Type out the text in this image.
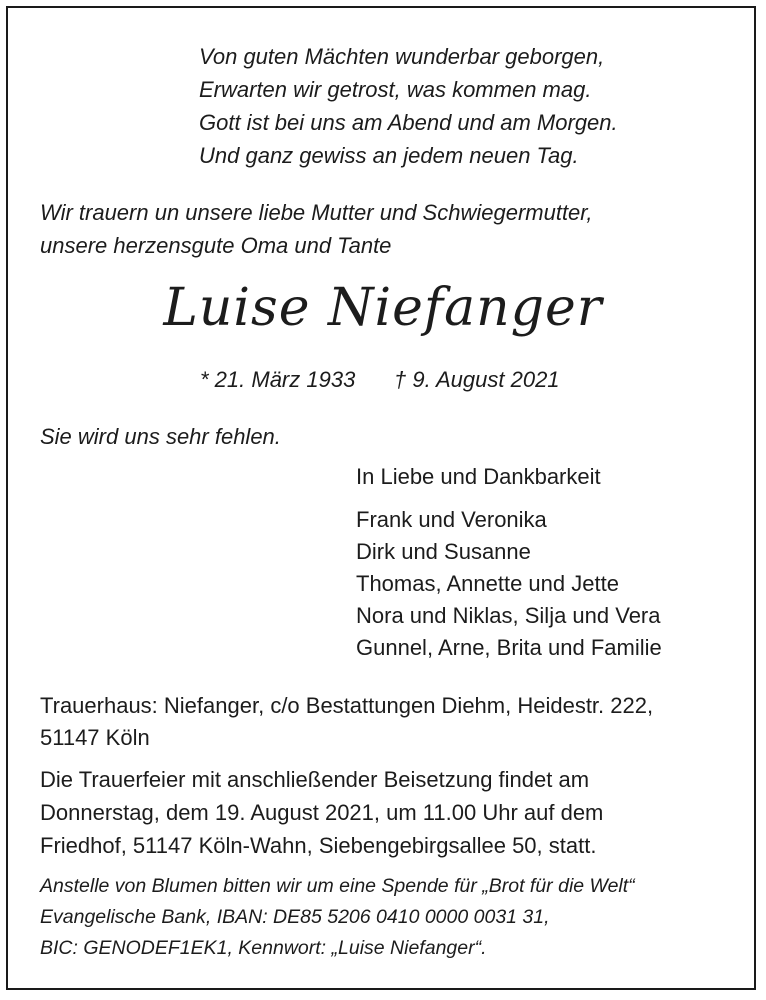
Von guten Mächten wunderbar geborgen,
Erwarten wir getrost, was kommen mag.
Gott ist bei uns am Abend und am Morgen.
Und ganz gewiss an jedem neuen Tag.
Wir trauern un unsere liebe Mutter und Schwiegermutter,
unsere herzensgute Oma und Tante
Luise Niefanger
* 21. März 1933 † 9. August 2021
Sie wird uns sehr fehlen.
In Liebe und Dankbarkeit
Frank und Veronika
Dirk und Susanne
Thomas, Annette und Jette
Nora und Niklas, Silja und Vera
Gunnel, Arne, Brita und Familie
Trauerhaus: Niefanger, c/o Bestattungen Diehm, Heidestr. 222,
51147 Köln
Die Trauerfeier mit anschließender Beisetzung findet am
Donnerstag, dem 19. August 2021, um 11.00 Uhr auf dem
Friedhof, 51147 Köln-Wahn, Siebengebirgsallee 50, statt.
Anstelle von Blumen bitten wir um eine Spende für „Brot für die Welt“
Evangelische Bank, IBAN: DE85 5206 0410 0000 0031 31,
BIC: GENODEF1EK1, Kennwort: „Luise Niefanger“.
